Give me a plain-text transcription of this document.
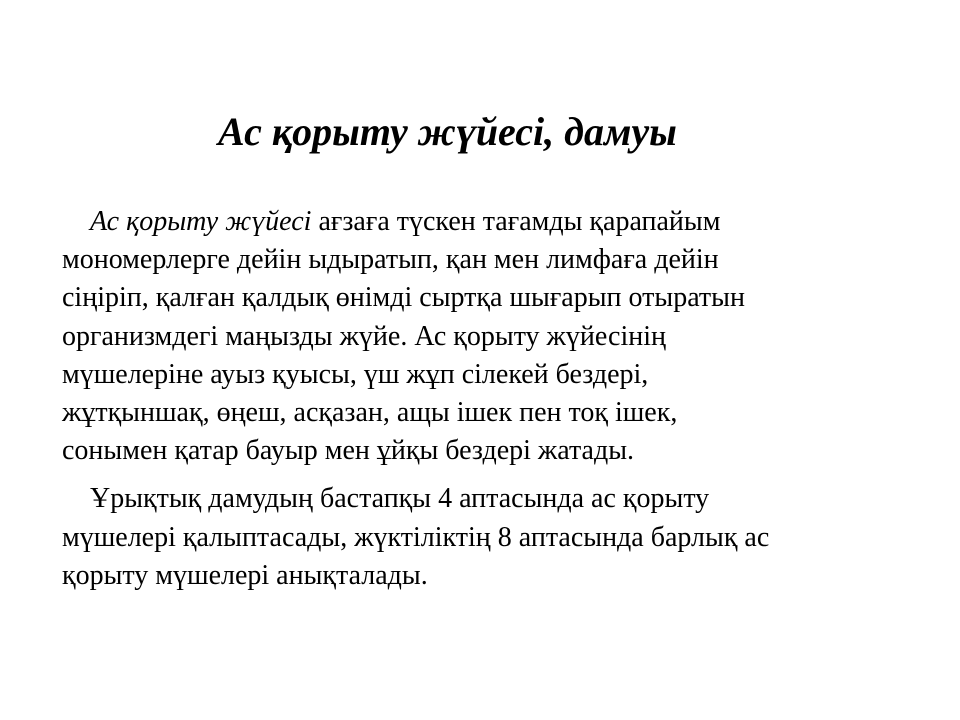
Ас қорыту жүйесі, дамуы

Ас қорыту жүйесі ағзаға түскен тағамды қарапайым
мономерлерге дейін ыдыратып, қан мен лимфаға дейін
сіңіріп, қалған қалдық өнімді сыртқа шығарып отыратын
организмдегі маңызды жүйе. Ас қорыту жүйесінің
мүшелеріне ауыз қуысы, үш жұп сілекей бездері,
жұтқыншақ, өңеш, асқазан, ащы ішек пен тоқ ішек,
сонымен қатар бауыр мен ұйқы бездері жатады.

Ұрықтық дамудың бастапқы 4 аптасында ас қорыту
мүшелері қалыптасады, жүктіліктің 8 аптасында барлық ас
қорыту мүшелері анықталады.
